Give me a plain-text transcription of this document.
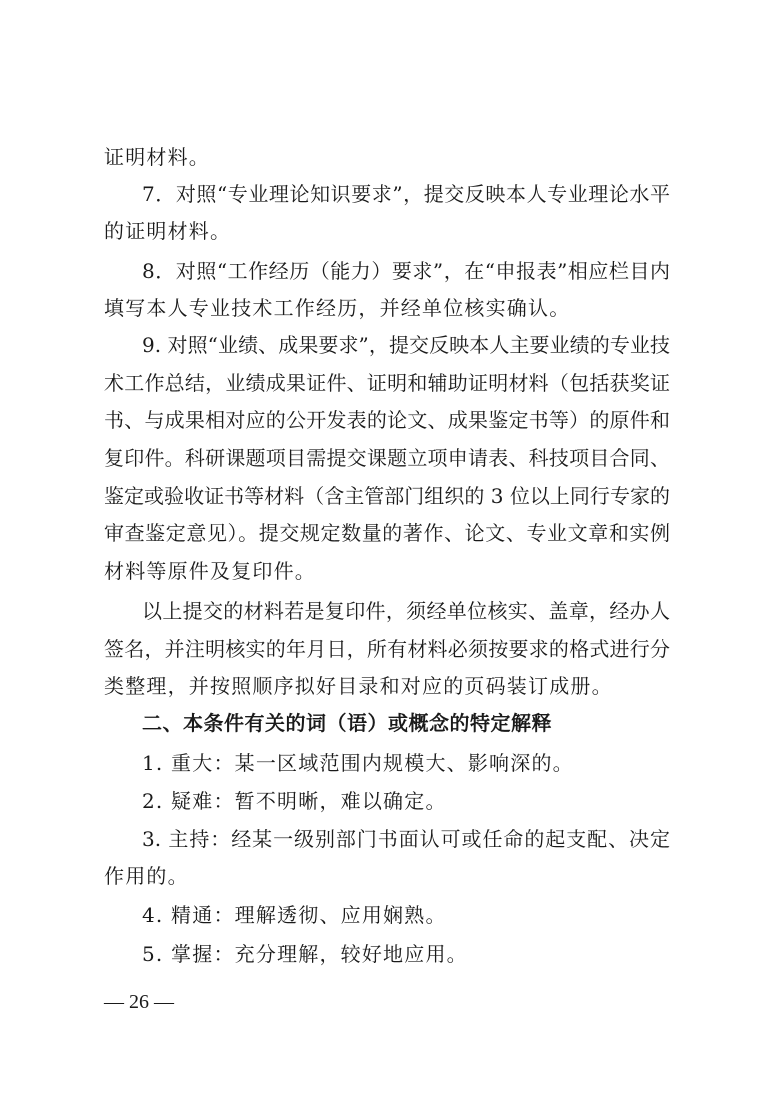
证明材料。
7．对照“专业理论知识要求”，提交反映本人专业理论水平
的证明材料。
8．对照“工作经历（能力）要求”，在“申报表”相应栏目内
填写本人专业技术工作经历，并经单位核实确认。
9. 对照“业绩、成果要求”，提交反映本人主要业绩的专业技
术工作总结，业绩成果证件、证明和辅助证明材料（包括获奖证
书、与成果相对应的公开发表的论文、成果鉴定书等）的原件和
复印件。科研课题项目需提交课题立项申请表、科技项目合同、
鉴定或验收证书等材料（含主管部门组织的 3 位以上同行专家的
审查鉴定意见）。提交规定数量的著作、论文、专业文章和实例
材料等原件及复印件。
以上提交的材料若是复印件，须经单位核实、盖章，经办人
签名，并注明核实的年月日，所有材料必须按要求的格式进行分
类整理，并按照顺序拟好目录和对应的页码装订成册。
二、本条件有关的词（语）或概念的特定解释
1. 重大：某一区域范围内规模大、影响深的。
2. 疑难：暂不明晰，难以确定。
3. 主持：经某一级别部门书面认可或任命的起支配、决定
作用的。
4. 精通：理解透彻、应用娴熟。
5. 掌握：充分理解，较好地应用。
— 26 —
